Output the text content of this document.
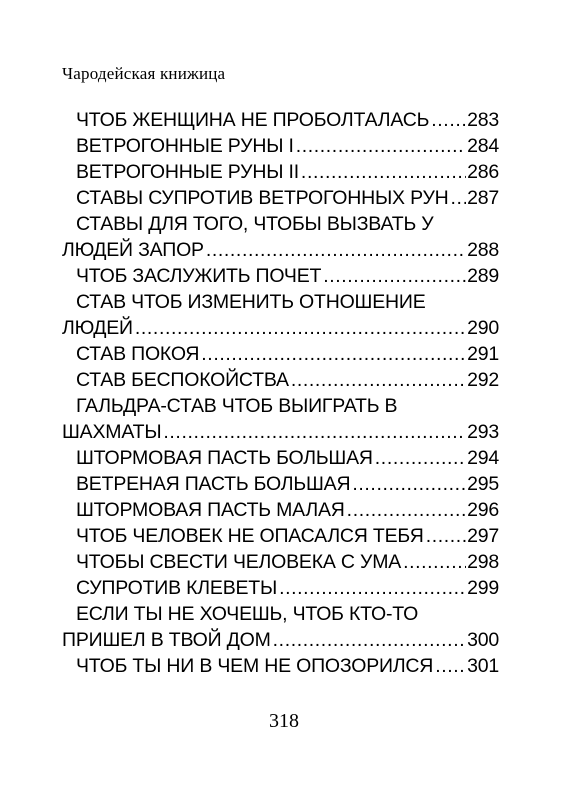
Чародейская книжица
ЧТОБ ЖЕНЩИНА НЕ ПРОБОЛТАЛАСЬ ..... 283
ВЕТРОГОННЫЕ РУНЫ I .....	284
ВЕТРОГОННЫЕ РУНЫ II .....	286
СТАВЫ СУПРОТИВ ВЕТРОГОННЫХ РУН ..... 287
СТАВЫ ДЛЯ ТОГО, ЧТОБЫ ВЫЗВАТЬ У
ЛЮДЕЙ ЗАПОР .....	288
ЧТОБ ЗАСЛУЖИТЬ ПОЧЕТ .....	289
СТАВ ЧТОБ ИЗМЕНИТЬ ОТНОШЕНИЕ
ЛЮДЕЙ .....	290
СТАВ ПОКОЯ .....	291
СТАВ БЕСПОКОЙСТВА .....	292
ГАЛЬДРА-СТАВ ЧТОБ ВЫИГРАТЬ В
ШАХМАТЫ .....	293
ШТОРМОВАЯ ПАСТЬ БОЛЬШАЯ .....	294
ВЕТРЕНАЯ ПАСТЬ БОЛЬШАЯ .....	295
ШТОРМОВАЯ ПАСТЬ МАЛАЯ .....	296
ЧТОБ ЧЕЛОВЕК НЕ ОПАСАЛСЯ ТЕБЯ ..... 297
ЧТОБЫ СВЕСТИ ЧЕЛОВЕКА С УМА .....	298
СУПРОТИВ КЛЕВЕТЫ .....	299
ЕСЛИ ТЫ НЕ ХОЧЕШЬ, ЧТОБ КТО-ТО
ПРИШЕЛ В ТВОЙ ДОМ .....	300
ЧТОБ ТЫ НИ В ЧЕМ НЕ ОПОЗОРИЛСЯ ..... 301
318
